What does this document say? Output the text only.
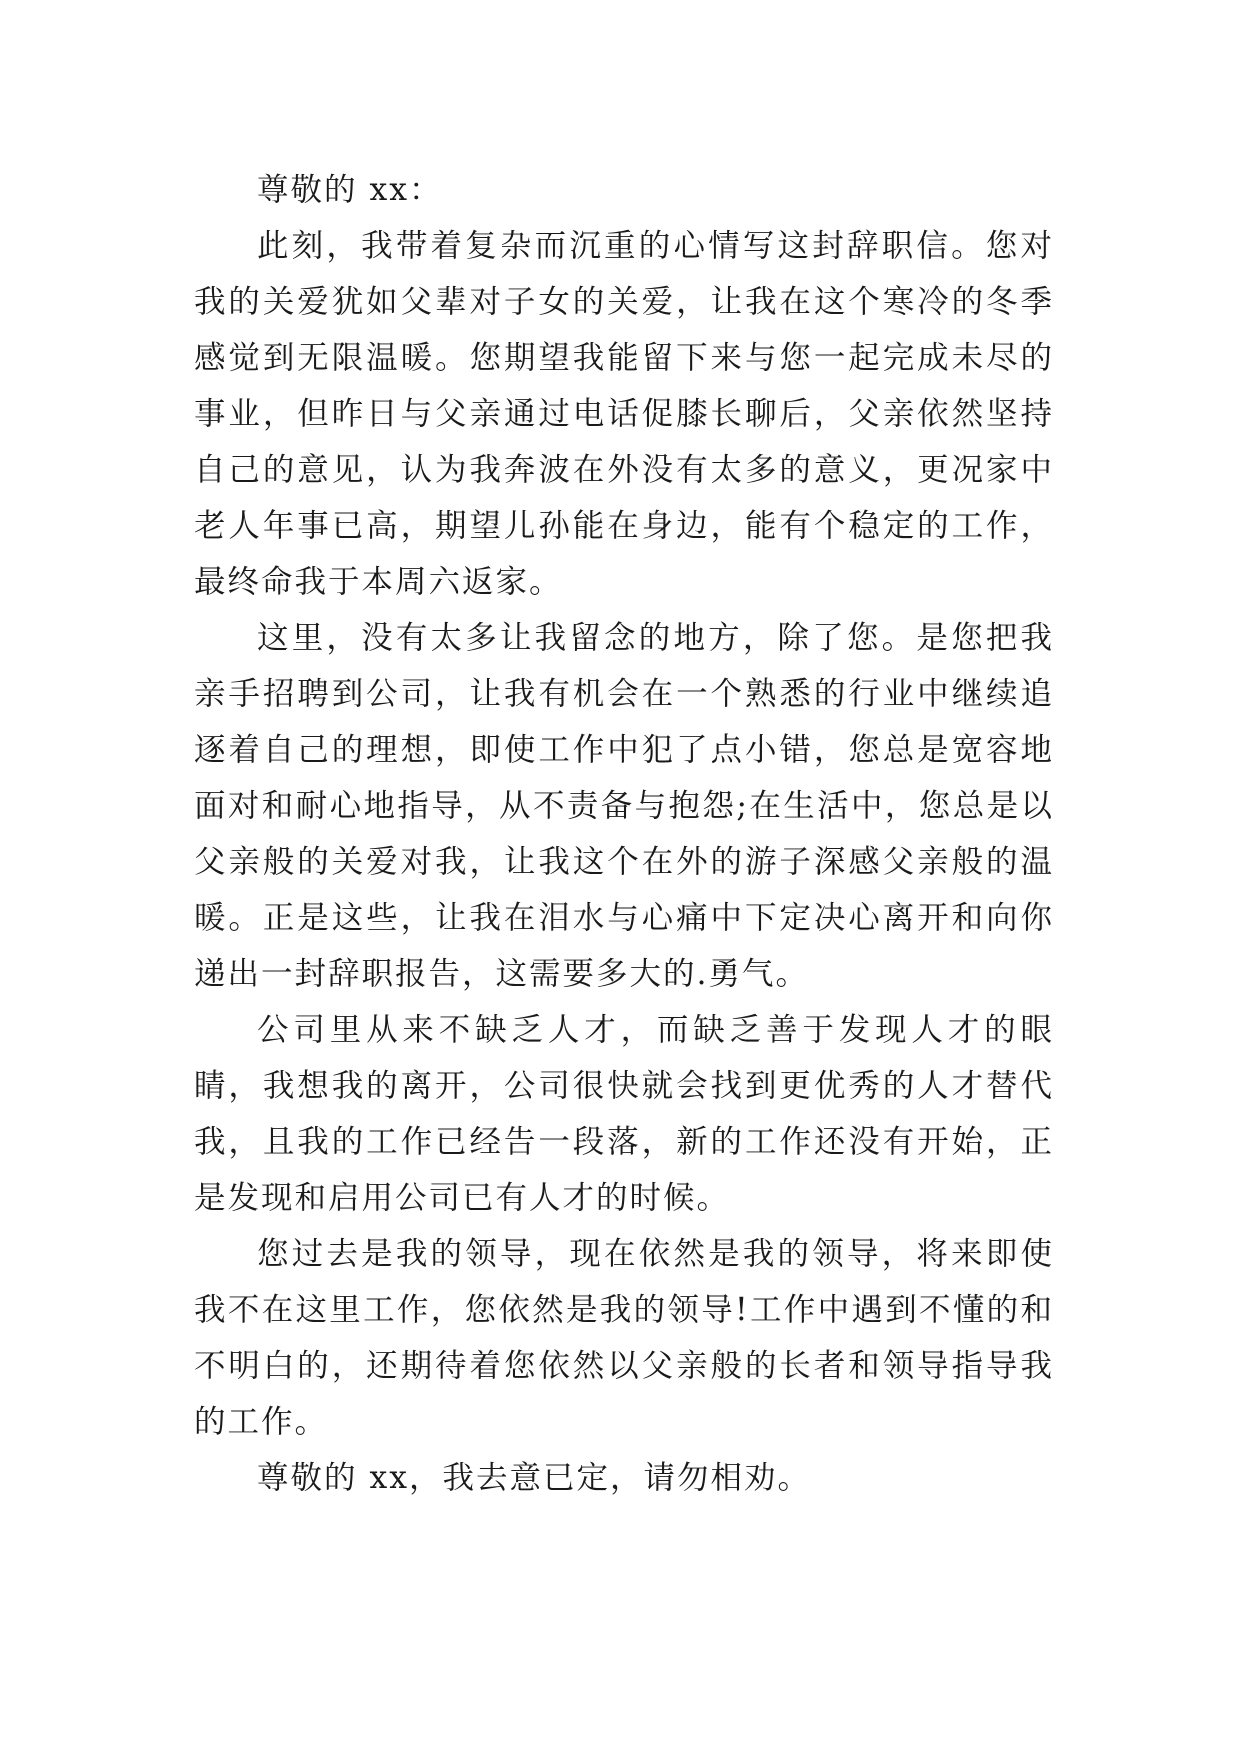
尊敬的 xx：

此刻，我带着复杂而沉重的心情写这封辞职信。您对我的关爱犹如父辈对子女的关爱，让我在这个寒冷的冬季感觉到无限温暖。您期望我能留下来与您一起完成未尽的事业，但昨日与父亲通过电话促膝长聊后，父亲依然坚持自己的意见，认为我奔波在外没有太多的意义，更况家中老人年事已高，期望儿孙能在身边，能有个稳定的工作，最终命我于本周六返家。

这里，没有太多让我留念的地方，除了您。是您把我亲手招聘到公司，让我有机会在一个熟悉的行业中继续追逐着自己的理想，即使工作中犯了点小错，您总是宽容地面对和耐心地指导，从不责备与抱怨;在生活中，您总是以父亲般的关爱对我，让我这个在外的游子深感父亲般的温暖。正是这些，让我在泪水与心痛中下定决心离开和向你递出一封辞职报告，这需要多大的.勇气。

公司里从来不缺乏人才，而缺乏善于发现人才的眼睛，我想我的离开，公司很快就会找到更优秀的人才替代我，且我的工作已经告一段落，新的工作还没有开始，正是发现和启用公司已有人才的时候。

您过去是我的领导，现在依然是我的领导，将来即使我不在这里工作，您依然是我的领导!工作中遇到不懂的和不明白的，还期待着您依然以父亲般的长者和领导指导我的工作。

尊敬的 xx，我去意已定，请勿相劝。
